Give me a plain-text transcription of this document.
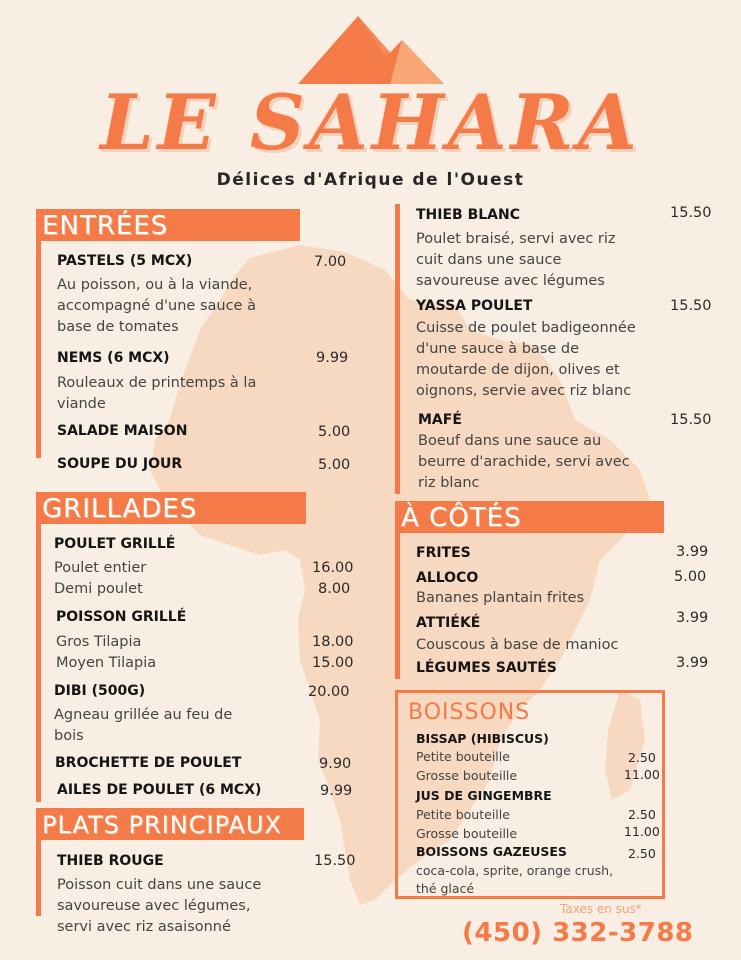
LE SAHARA
Délices d'Afrique de l'Ouest
ENTRÉES
PASTELS (5 MCX)	7.00
Au poisson, ou à la viande, accompagné d'une sauce à base de tomates
NEMS (6 MCX)	9.99
Rouleaux de printemps à la viande
SALADE MAISON	5.00
SOUPE DU JOUR	5.00
GRILLADES
POULET GRILLÉ
Poulet entier	16.00
Demi poulet	8.00
POISSON GRILLÉ
Gros Tilapia	18.00
Moyen Tilapia	15.00
DIBI (500G)	20.00
Agneau grillée au feu de bois
BROCHETTE DE POULET	9.90
AILES DE POULET (6 MCX)	9.99
PLATS PRINCIPAUX
THIEB ROUGE	15.50
Poisson cuit dans une sauce savoureuse avec légumes, servi avec riz asaisonné
THIEB BLANC	15.50
Poulet braisé, servi avec riz cuit dans une sauce savoureuse avec légumes
YASSA POULET	15.50
Cuisse de poulet badigeonnée d'une sauce à base de moutarde de dijon, olives et oignons, servie avec riz blanc
MAFÉ	15.50
Boeuf dans une sauce au beurre d'arachide, servi avec riz blanc
À CÔTÉS
FRITES	3.99
ALLOCO	5.00
Bananes plantain frites
ATTIÉKÉ	3.99
Couscous à base de manioc
LÉGUMES SAUTÉS	3.99
BOISSONS
BISSAP (HIBISCUS)
Petite bouteille	2.50
Grosse bouteille	11.00
JUS DE GINGEMBRE
Petite bouteille	2.50
Grosse bouteille	11.00
BOISSONS GAZEUSES	2.50
coca-cola, sprite, orange crush,
thé glacé
Taxes en sus*
(450) 332-3788
